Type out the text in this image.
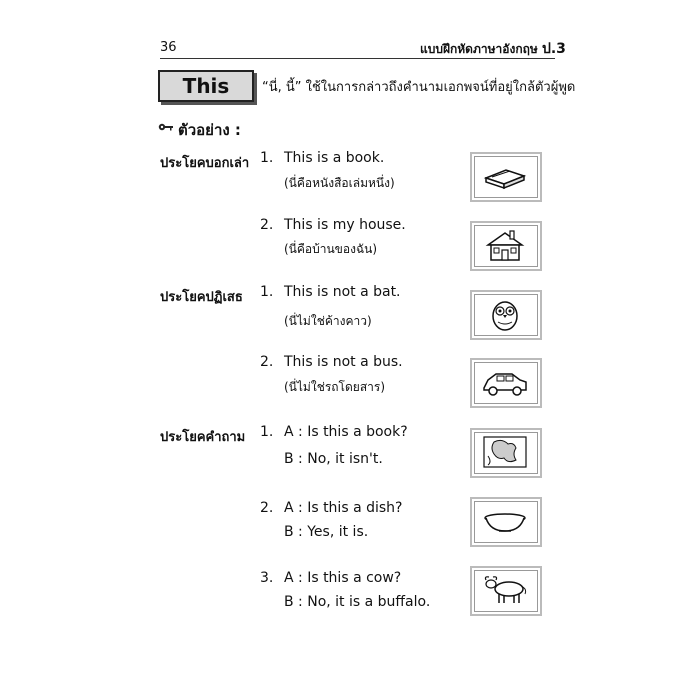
36	แบบฝึกหัดภาษาอังกฤษ ป.3
This	“นี่, นี้” ใช้ในการกล่าวถึงคำนามเอกพจน์ที่อยู่ใกล้ตัวผู้พูด
ตัวอย่าง :
ประโยคบอกเล่า 1. This is a book.
(นี่คือหนังสือเล่มหนึ่ง)
2. This is my house.
(นี่คือบ้านของฉัน)
ประโยคปฏิเสธ 1. This is not a bat.
(นี่ไม่ใช่ค้างคาว)
2. This is not a bus.
(นี่ไม่ใช่รถโดยสาร)
ประโยคคำถาม 1. A : Is this a book?
B : No, it isn't.
2. A : Is this a dish?
B : Yes, it is.
3. A : Is this a cow?
B : No, it is a buffalo.
